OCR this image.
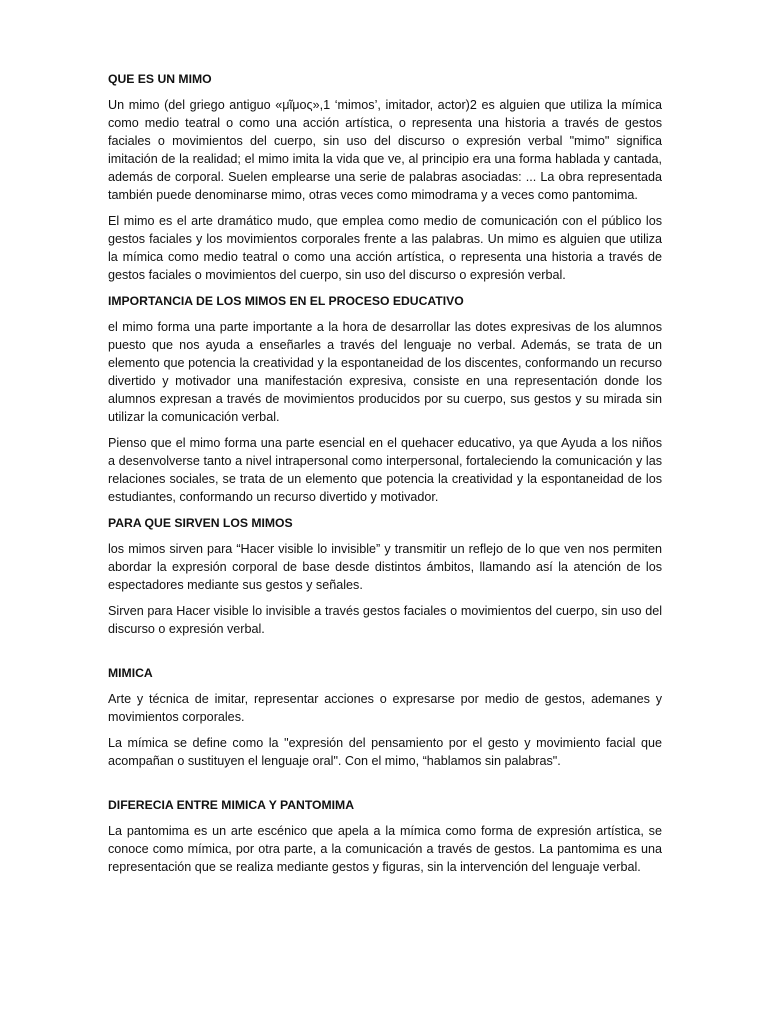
QUE ES UN MIMO

Un mimo (del griego antiguo «μῖμος»,1 ‘mimos’, imitador, actor)2 es alguien que utiliza la mímica como medio teatral o como una acción artística, o representa una historia a través de gestos faciales o movimientos del cuerpo, sin uso del discurso o expresión verbal "mimo" significa imitación de la realidad; el mimo imita la vida que ve, al principio era una forma hablada y cantada, además de corporal. Suelen emplearse una serie de palabras asociadas: ... La obra representada también puede denominarse mimo, otras veces como mimodrama y a veces como pantomima.

El mimo es el arte dramático mudo, que emplea como medio de comunicación con el público los gestos faciales y los movimientos corporales frente a las palabras. Un mimo es alguien que utiliza la mímica como medio teatral o como una acción artística, o representa una historia a través de gestos faciales o movimientos del cuerpo, sin uso del discurso o expresión verbal.

IMPORTANCIA DE LOS MIMOS EN EL PROCESO EDUCATIVO

el mimo forma una parte importante a la hora de desarrollar las dotes expresivas de los alumnos puesto que nos ayuda a enseñarles a través del lenguaje no verbal. Además, se trata de un elemento que potencia la creatividad y la espontaneidad de los discentes, conformando un recurso divertido y motivador una manifestación expresiva, consiste en una representación donde los alumnos expresan a través de movimientos producidos por su cuerpo, sus gestos y su mirada sin utilizar la comunicación verbal.

Pienso que el mimo forma una parte esencial en el quehacer educativo, ya que Ayuda a los niños a desenvolverse tanto a nivel intrapersonal como interpersonal, fortaleciendo la comunicación y las relaciones sociales, se trata de un elemento que potencia la creatividad y la espontaneidad de los estudiantes, conformando un recurso divertido y motivador.

PARA QUE SIRVEN LOS MIMOS

los mimos sirven para “Hacer visible lo invisible” y transmitir un reflejo de lo que ven nos permiten abordar la expresión corporal de base desde distintos ámbitos, llamando así la atención de los espectadores mediante sus gestos y señales.

Sirven para Hacer visible lo invisible a través gestos faciales o movimientos del cuerpo, sin uso del discurso o expresión verbal.

MIMICA

Arte y técnica de imitar, representar acciones o expresarse por medio de gestos, ademanes y movimientos corporales.

La mímica se define como la "expresión del pensamiento por el gesto y movimiento facial que acompañan o sustituyen el lenguaje oral". Con el mimo, “hablamos sin palabras".

DIFERECIA ENTRE MIMICA Y PANTOMIMA

La pantomima es un arte escénico que apela a la mímica como forma de expresión artística, se conoce como mímica, por otra parte, a la comunicación a través de gestos. La pantomima es una representación que se realiza mediante gestos y figuras, sin la intervención del lenguaje verbal.
